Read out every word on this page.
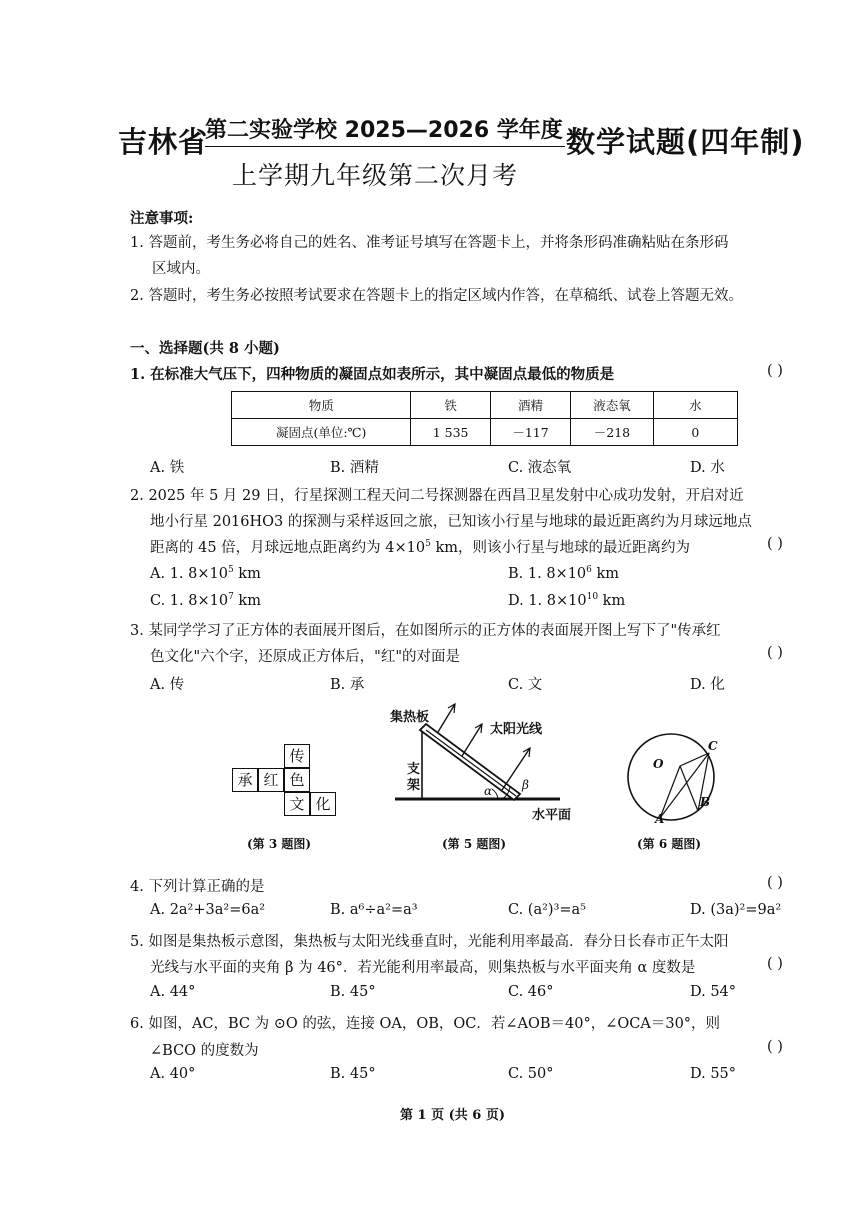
吉林省
第二实验学校 2025—2026 学年度 数学试题(四年制)
上学期九年级第二次月考
注意事项:
1. 答题前，考生务必将自己的姓名、准考证号填写在答题卡上，并将条形码准确粘贴在条形码
区域内。
2. 答题时，考生务必按照考试要求在答题卡上的指定区域内作答，在草稿纸、试卷上答题无效。
一、选择题(共 8 小题)
1. 在标准大气压下，四种物质的凝固点如表所示，其中凝固点最低的物质是	( )
物质	铁	酒精	液态氧	水
凝固点(单位:℃)	1 535	－117	－218	0
A. 铁	B. 酒精	C. 液态氧	D. 水
2. 2025 年 5 月 29 日，行星探测工程天问二号探测器在西昌卫星发射中心成功发射，开启对近
地小行星 2016HO3 的探测与采样返回之旅，已知该小行星与地球的最近距离约为月球远地点
距离的 45 倍，月球远地点距离约为 $4\times 10^5$ km，则该小行星与地球的最近距离约为	( )
A. 1. $8\times 10^5$ km	B. 1. $8\times 10^6$ km
C. 1. $8\times 10^7$ km	D. 1. $8\times 10^{10}$ km
3. 某同学学习了正方体的表面展开图后，在如图所示的正方体的表面展开图上写下了"传承红
色文化"六个字，还原成正方体后，"红"的对面是	( )
A. 传	B. 承	C. 文	D. 化
传
承 红 色
文 化
(第 3 题图)
集热板
太阳光线
支
架	α β
水平面
(第 5 题图)
O
C
B
A
(第 6 题图)
4. 下列计算正确的是	( )
A. 2a²+3a²=6a²	B. a⁶÷a²=a³	C. (a²)³=a⁵	D. (3a)²=9a²
5. 如图是集热板示意图，集热板与太阳光线垂直时，光能利用率最高．春分日长春市正午太阳
光线与水平面的夹角 β 为 46°．若光能利用率最高，则集热板与水平面夹角 α 度数是	( )
A. 44°	B. 45°	C. 46°	D. 54°
6. 如图，AC，BC 为 ⊙O 的弦，连接 OA，OB，OC．若∠AOB＝40°，∠OCA＝30°，则
∠BCO 的度数为	( )
A. 40°	B. 45°	C. 50°	D. 55°
第 1 页 (共 6 页)
